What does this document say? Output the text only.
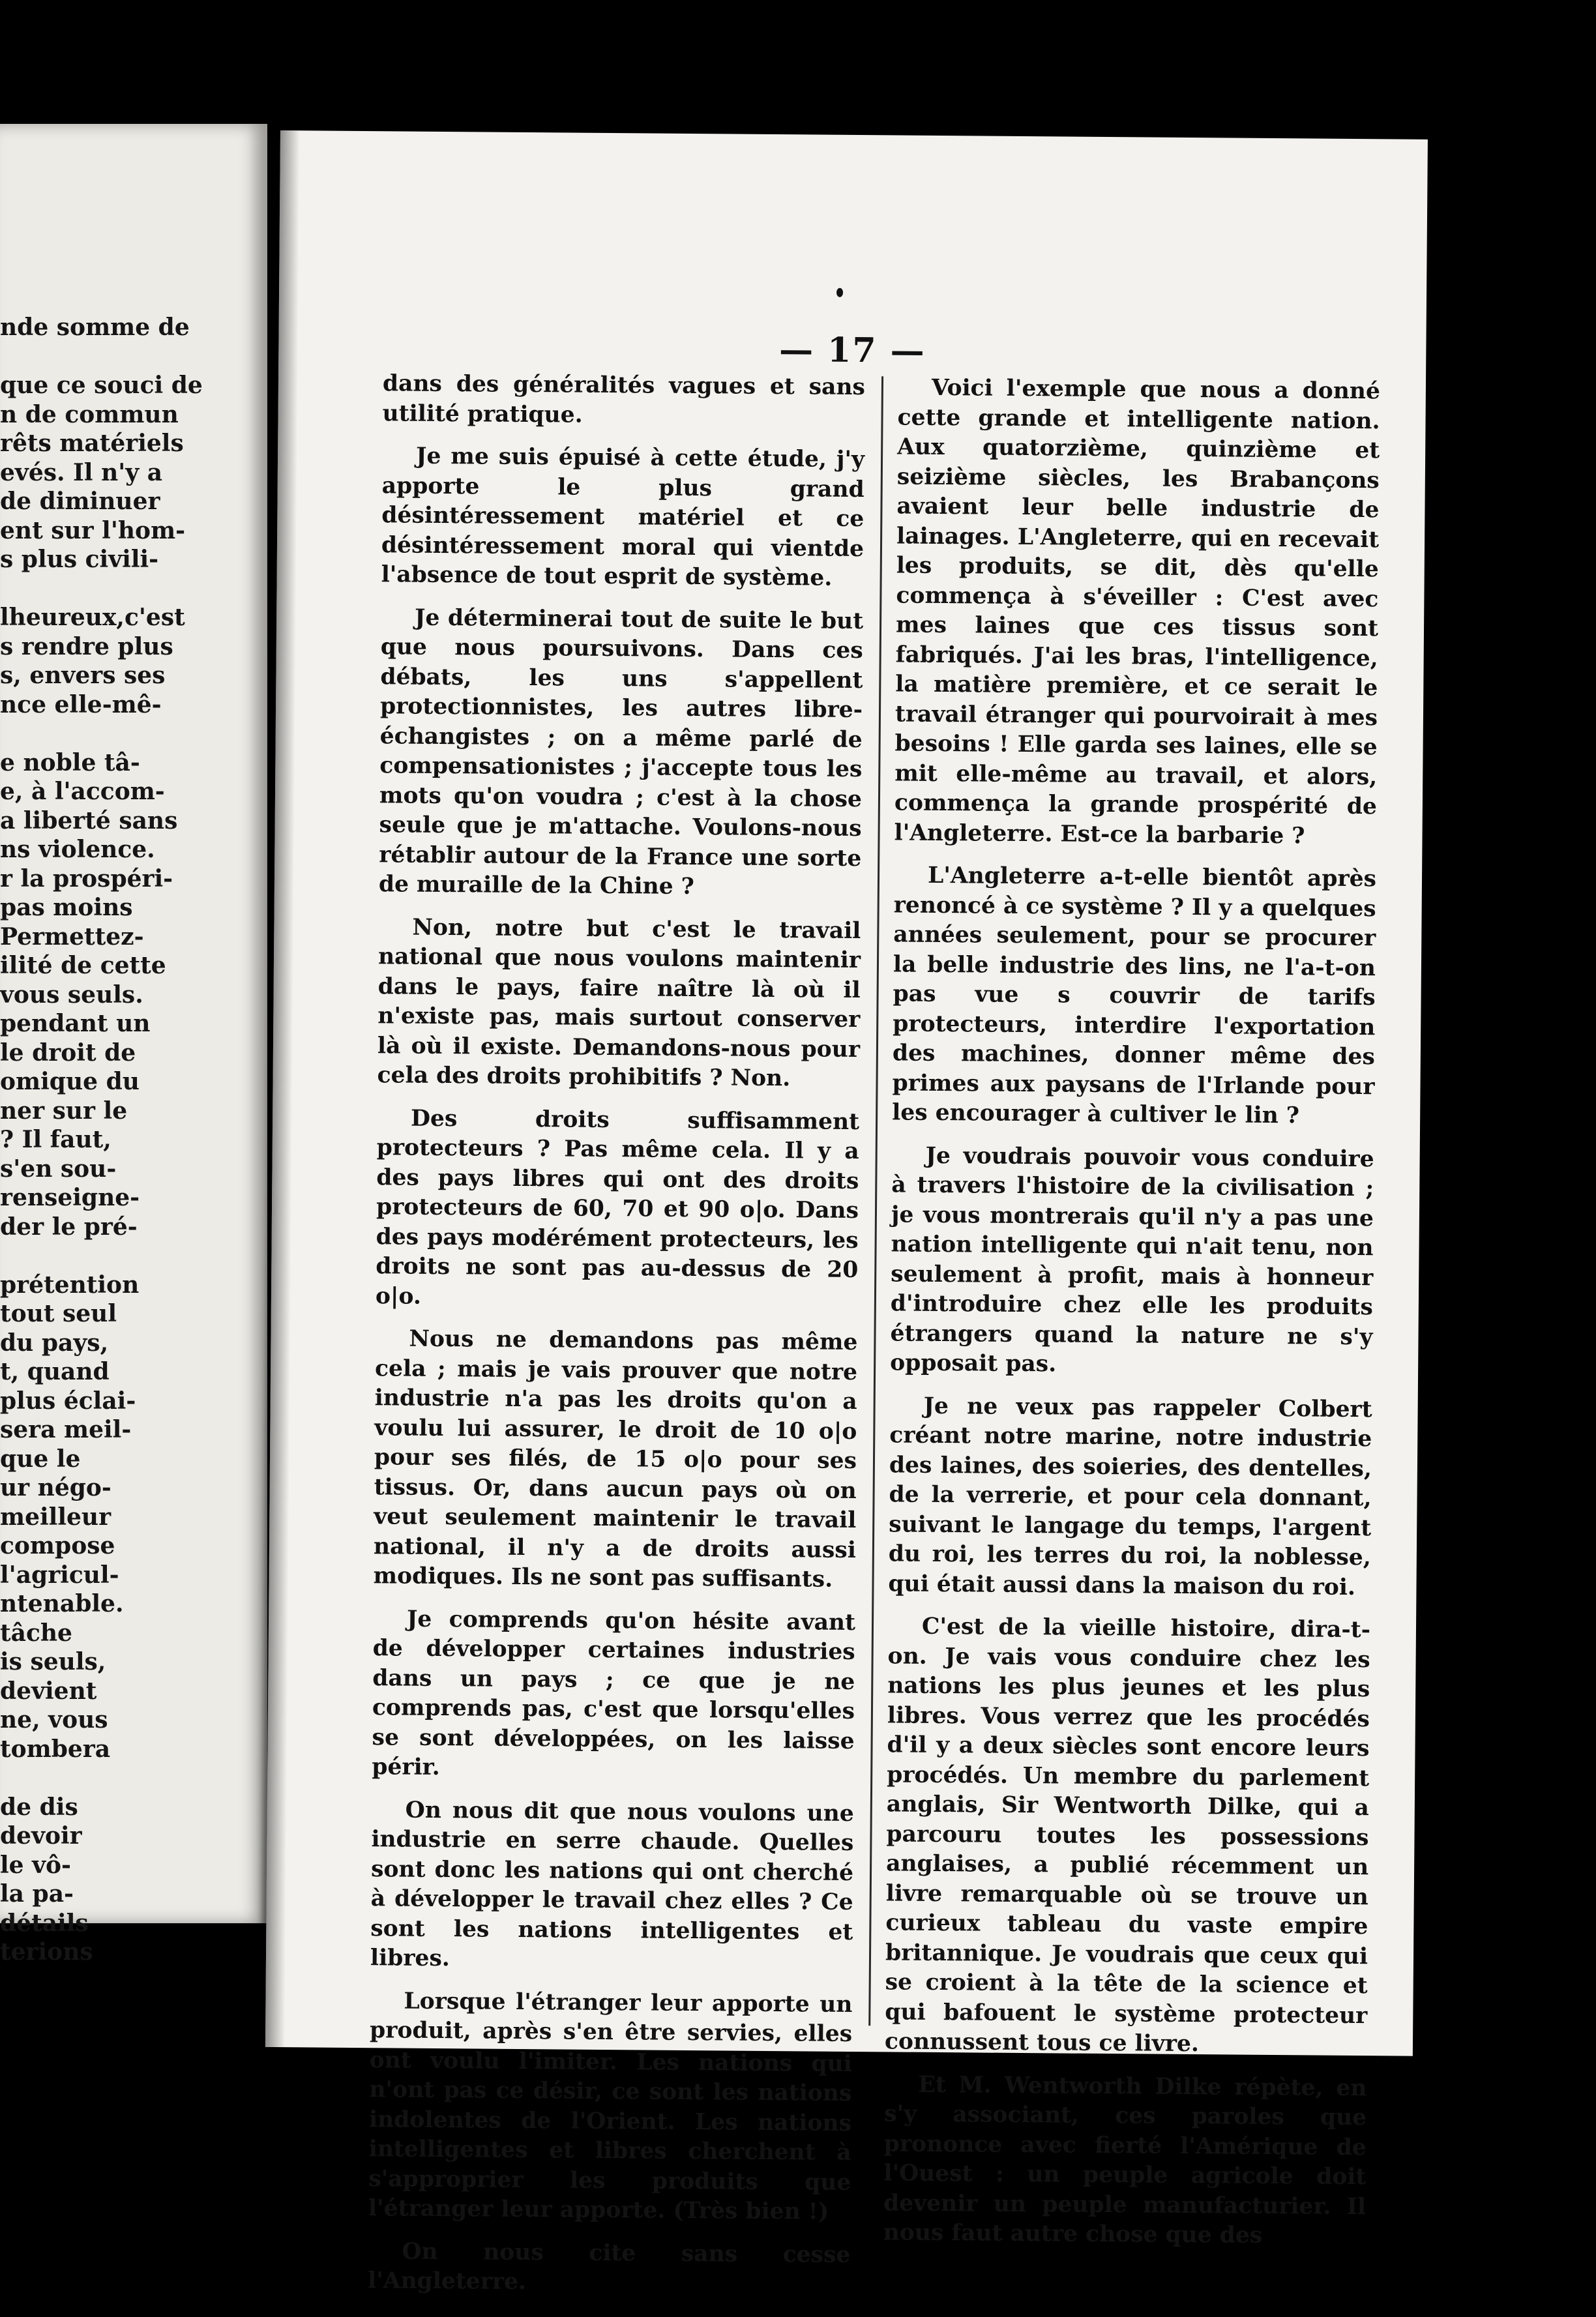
nde somme de

que ce souci de
n de commun
rêts matériels
evés. Il n'y a
de diminuer
ent sur l'hom-
s plus civili-

lheureux,c'est
s rendre plus
s, envers ses
nce elle-mê-

e noble tâ-
e, à l'accom-
a liberté sans
ns violence.
r la prospéri-
pas moins
Permettez-
ilité de cette
vous seuls.
pendant un
le droit de
omique du
ner sur le
? Il faut,
s'en sou-
renseigne-
der le pré-

prétention
tout seul
du pays,
t, quand
plus éclai-
sera meil-
que le
ur négo-
meilleur
compose
l'agricul-
ntenable.
tâche
is seuls,
devient
ne, vous
tombera

de dis
devoir
le vô-
la pa-
détails
terions
— 17 —

dans des généralités vagues et sans utilité pratique.

Je me suis épuisé à cette étude, j'y apporte le plus grand désintéressement matériel et ce désintéressement moral qui vientde l'absence de tout esprit de système.

Je déterminerai tout de suite le but que nous poursuivons. Dans ces débats, les uns s'appellent protectionnistes, les autres libre-échangistes ; on a même parlé de compensationistes ; j'accepte tous les mots qu'on voudra ; c'est à la chose seule que je m'attache. Voulons-nous rétablir autour de la France une sorte de muraille de la Chine ?

Non, notre but c'est le travail national que nous voulons maintenir dans le pays, faire naître là où il n'existe pas, mais surtout conserver là où il existe. Demandons-nous pour cela des droits prohibitifs ? Non.

Des droits suffisamment protecteurs ? Pas même cela. Il y a des pays libres qui ont des droits protecteurs de 60, 70 et 90 o|o. Dans des pays modérément protecteurs, les droits ne sont pas au-dessus de 20 o|o.

Nous ne demandons pas même cela ; mais je vais prouver que notre industrie n'a pas les droits qu'on a voulu lui assurer, le droit de 10 o|o pour ses filés, de 15 o|o pour ses tissus. Or, dans aucun pays où on veut seulement maintenir le travail national, il n'y a de droits aussi modiques. Ils ne sont pas suffisants.

Je comprends qu'on hésite avant de développer certaines industries dans un pays ; ce que je ne comprends pas, c'est que lorsqu'elles se sont développées, on les laisse périr.

On nous dit que nous voulons une industrie en serre chaude. Quelles sont donc les nations qui ont cherché à développer le travail chez elles ? Ce sont les nations intelligentes et libres.

Lorsque l'étranger leur apporte un produit, après s'en être servies, elles ont voulu l'imiter. Les nations qui n'ont pas ce désir, ce sont les nations indolentes de l'Orient. Les nations intelligentes et libres cherchent à s'approprier les produits que l'étranger leur apporte. (Très bien !)

On nous cite sans cesse l'Angleterre.

Voici l'exemple que nous a donné cette grande et intelligente nation. Aux quatorzième, quinzième et seizième siècles, les Brabançons avaient leur belle industrie de lainages. L'Angleterre, qui en recevait les produits, se dit, dès qu'elle commença à s'éveiller : C'est avec mes laines que ces tissus sont fabriqués. J'ai les bras, l'intelligence, la matière première, et ce serait le travail étranger qui pourvoirait à mes besoins ! Elle garda ses laines, elle se mit elle-même au travail, et alors, commença la grande prospérité de l'Angleterre. Est-ce la barbarie ?

L'Angleterre a-t-elle bientôt après renoncé à ce système ? Il y a quelques années seulement, pour se procurer la belle industrie des lins, ne l'a-t-on pas vue s couvrir de tarifs protecteurs, interdire l'exportation des machines, donner même des primes aux paysans de l'Irlande pour les encourager à cultiver le lin ?

Je voudrais pouvoir vous conduire à travers l'histoire de la civilisation ; je vous montrerais qu'il n'y a pas une nation intelligente qui n'ait tenu, non seulement à profit, mais à honneur d'introduire chez elle les produits étrangers quand la nature ne s'y opposait pas.

Je ne veux pas rappeler Colbert créant notre marine, notre industrie des laines, des soieries, des dentelles, de la verrerie, et pour cela donnant, suivant le langage du temps, l'argent du roi, les terres du roi, la noblesse, qui était aussi dans la maison du roi.

C'est de la vieille histoire, dira-t-on. Je vais vous conduire chez les nations les plus jeunes et les plus libres. Vous verrez que les procédés d'il y a deux siècles sont encore leurs procédés. Un membre du parlement anglais, Sir Wentworth Dilke, qui a parcouru toutes les possessions anglaises, a publié récemment un livre remarquable où se trouve un curieux tableau du vaste empire britannique. Je voudrais que ceux qui se croient à la tête de la science et qui bafouent le système protecteur connussent tous ce livre.

Et M. Wentworth Dilke répète, en s'y associant, ces paroles que prononce avec fierté l'Amérique de l'Ouest : un peuple agricole doit devenir un peuple manufacturier. Il nous faut autre chose que des
